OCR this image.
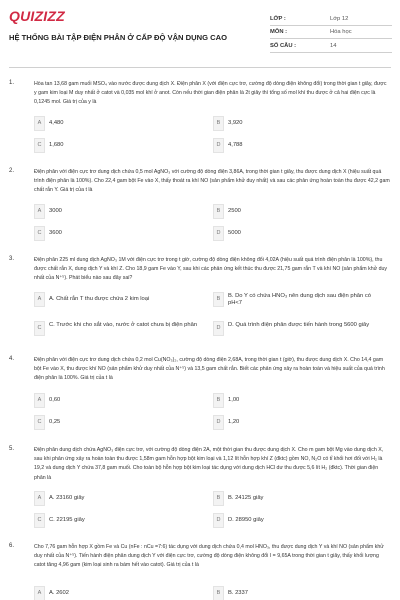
QUIZIZZ
HỆ THỐNG BÀI TẬP ĐIỆN PHÂN Ở CẤP ĐỘ VẬN DỤNG CAO
LỚP :	Lớp 12
MÔN :	Hóa học
SỐ CÂU :	14
1.	Hòa tan 13,68 gam muối MSO₄ vào nước được dung dịch X. Điện phân X (với điện cực trơ, cường độ dòng điện không đổi) trong thời gian t giây, được y gam kim loại M duy nhất ở catot và 0,035 mol khí ở anot. Còn nếu thời gian điện phân là 2t giây thì tổng số mol khí thu được ở cả hai điện cực là 0,1245 mol. Giá trị của y là
A	4,480	B	3,920
C	1,680	D	4,788
2.	Điện phân với điện cực trơ dung dịch chứa 0,5 mol AgNO₃ với cường độ dòng điện 3,86A, trong thời gian t giây, thu được dung dịch X (hiệu suất quá trình điện phân là 100%). Cho 22,4 gam bột Fe vào X, thấy thoát ra khí NO (sản phẩm khử duy nhất) và sau các phản ứng hoàn toàn thu được 42,2 gam chất rắn Y. Giá trị của t là
A	3000	B	2500
C	3600	D	5000
3.	Điện phân 225 ml dung dịch AgNO₃ 1M với điện cực trơ trong t giờ, cường độ dòng điện không đổi 4,02A (hiệu suất quá trình điện phân là 100%), thu được chất rắn X, dung dịch Y và khí Z. Cho 18,9 gam Fe vào Y, sau khi các phản ứng kết thúc thu được 21,75 gam rắn T và khí NO (sản phẩm khử duy nhất của N⁺⁵). Phát biểu nào sau đây sai?
A	A. Chất rắn T thu được chứa 2 kim loại	B	B. Do Y có chứa HNO₃ nên dung dịch sau điện phân có pH<7
C	C. Trước khi cho sắt vào, nước ở catot chưa bị điện phân	D	D. Quá trình điện phân được tiến hành trong 5600 giây
4.	Điện phân với điện cực trơ dung dịch chứa 0,2 mol Cu(NO₃)₂, cường độ dòng điện 2,68A, trong thời gian t (giờ), thu được dung dịch X. Cho 14,4 gam bột Fe vào X, thu được khí NO (sản phẩm khử duy nhất của N⁺⁵) và 13,5 gam chất rắn. Biết các phản ứng xảy ra hoàn toàn và hiệu suất của quá trình điện phân là 100%. Giá trị của t là
A	0,60	B	1,00
C	0,25	D	1,20
5.	Điện phân dung dịch chứa AgNO₃ điện cực trơ, với cường độ dòng điện 2A, một thời gian thu được dung dịch X. Cho m gam bột Mg vào dung dịch X, sau khi phản ứng xảy ra hoàn toàn thu được 1,58m gam hỗn hợp bột kim loại và 1,12 lít hỗn hợp khí Z (đktc) gồm NO, N₂O có tỉ khối hơi đối với H₂ là 19,2 và dung dịch Y chứa 37,8 gam muối. Cho toàn bộ hỗn hợp bột kim loại tác dụng với dung dịch HCl dư thu được 5,6 lít H₂ (đktc). Thời gian điện phân là
A	A. 23160 giây	B	B. 24125 giây
C	C. 22195 giây	D	D. 28950 giây
6.	Cho 7,76 gam hỗn hợp X gồm Fe và Cu (nFe : nCu =7:6) tác dụng với dung dịch chứa 0,4 mol HNO₃, thu được dung dịch Y và khí NO (sản phẩm khử duy nhất của N⁺⁵). Tiến hành điện phân dung dịch Y với điện cực trơ, cường độ dòng điện không đổi I = 9,65A trong thời gian t giây, thấy khối lượng catot tăng 4,96 gam (kim loại sinh ra bám hết vào catot). Giá trị của t là
A	A. 2602	B	B. 2337
